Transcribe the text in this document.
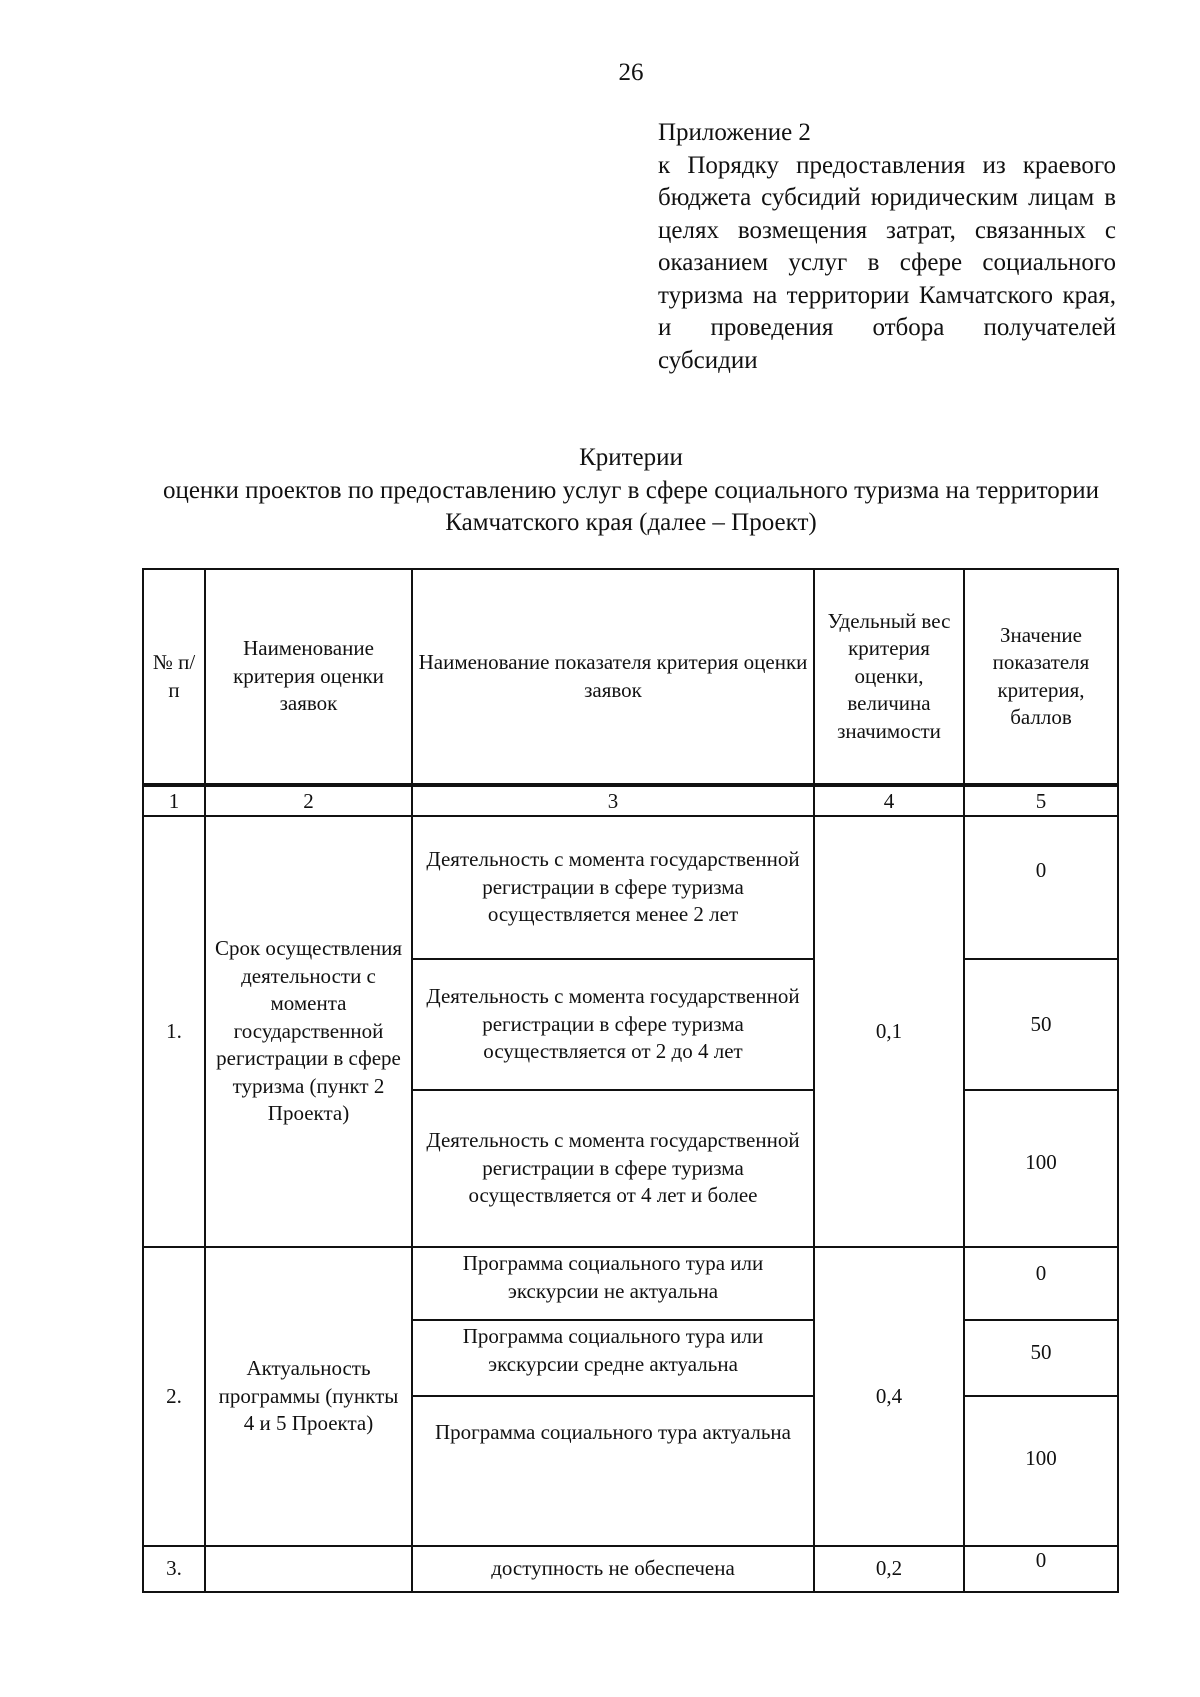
26
Приложение 2
к Порядку предоставления из краевого бюджета субсидий юридическим лицам в целях возмещения затрат, связанных с оказанием услуг в сфере социального туризма на территории Камчатского края, и проведения отбора получателей субсидии
Критерии
оценки проектов по предоставлению услуг в сфере социального туризма на территории Камчатского края (далее – Проект)
№ п/п	Наименование критерия оценки заявок	Наименование показателя критерия оценки заявок	Удельный вес критерия оценки, величина значимости	Значение показателя критерия, баллов
1	2	3	4	5
1.	Срок осуществления деятельности с момента государственной регистрации в сфере туризма (пункт 2 Проекта)	Деятельность с момента государственной регистрации в сфере туризма осуществляется менее 2 лет	0,1	0
		Деятельность с момента государственной регистрации в сфере туризма осуществляется от 2 до 4 лет		50
		Деятельность с момента государственной регистрации в сфере туризма осуществляется от 4 лет и более		100
2.	Актуальность программы (пункты 4 и 5 Проекта)	Программа социального тура или экскурсии не актуальна	0,4	0
		Программа социального тура или экскурсии средне актуальна		50
		Программа социального тура актуальна		100
3.		доступность не обеспечена	0,2	0
